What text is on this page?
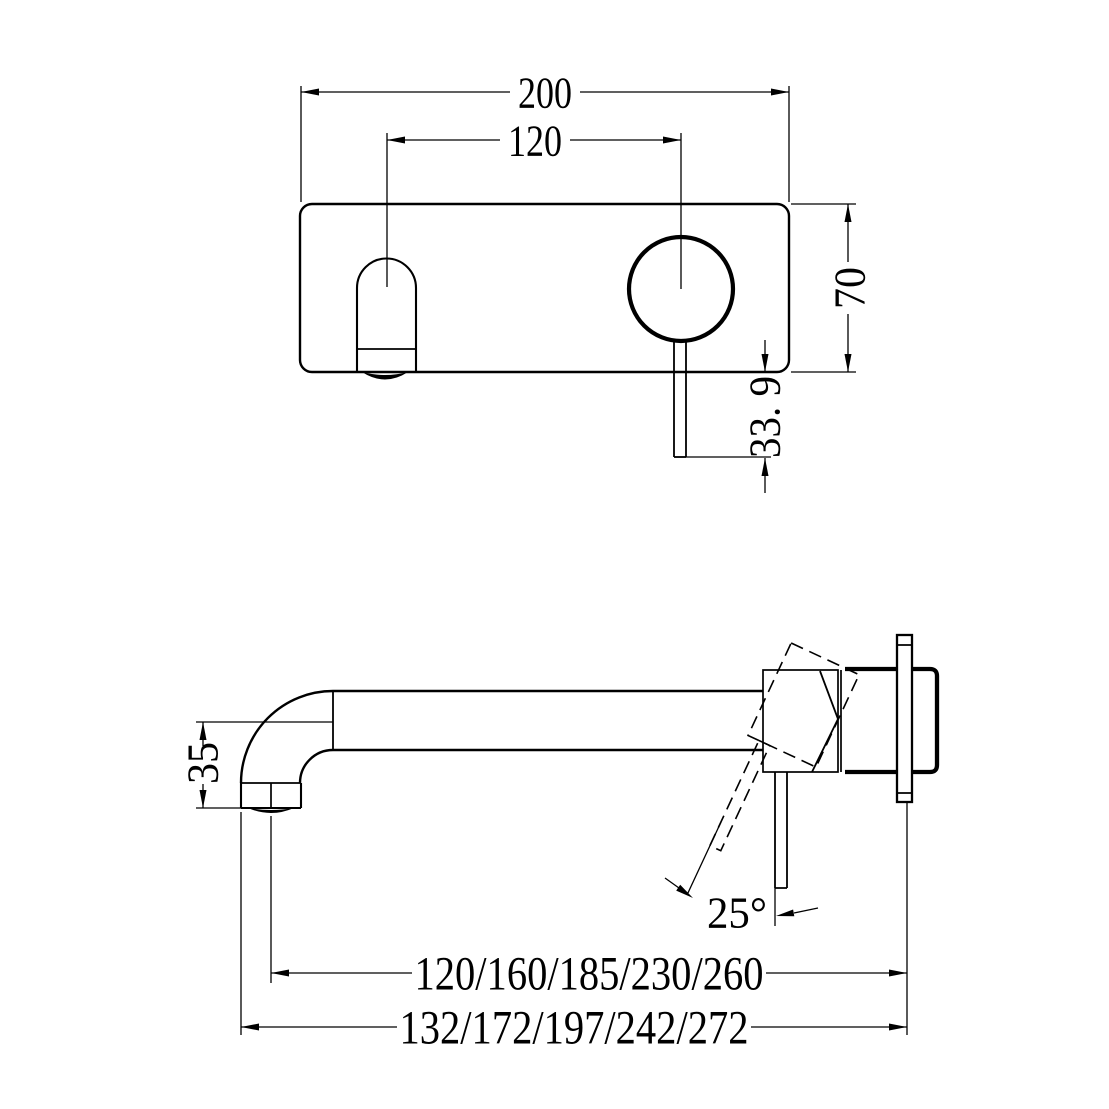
200
120
70
33. 9
35
25°
120/160/185/230/260
132/172/197/242/272
